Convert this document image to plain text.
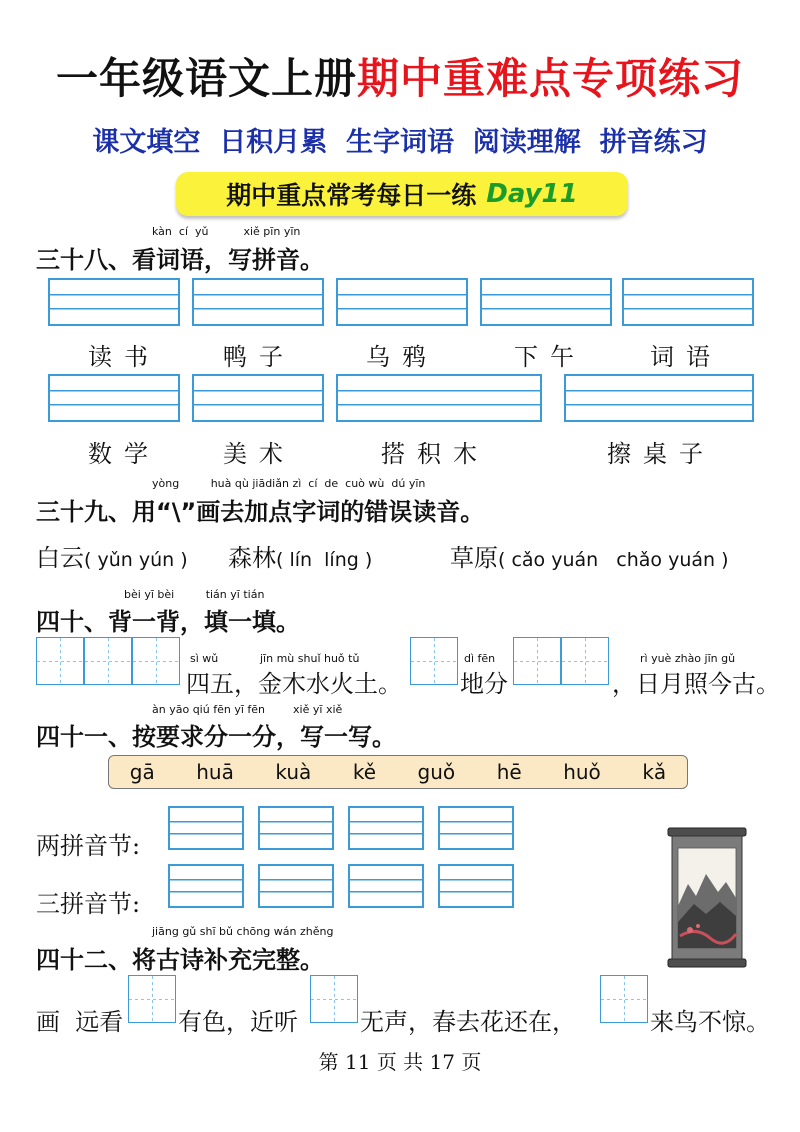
一年级语文上册期中重难点专项练习
课文填空  日积月累  生字词语  阅读理解  拼音练习
期中重点常考每日一练 Day11
kàn cí yǔ	xiě pīn yīn
三十八、看词语，写拼音。
读书	鸭子	乌鸦	下午	词语
数学	美术	搭积木	擦桌子
yòng	huà qù jiādiǎn zì cí de cuò wù dú yīn
三十九、用“\”画去加点字词的错误读音。
白云( yǔn yún ) 森林( lín  líng )	草原( cǎo yuán   chǎo yuán )
bèi yī bèi	tián yī tián
四十、背一背，填一填。
sì wǔ	jīn mù shuǐ huǒ tǔ
四五，金木水火土。
dì fēn
地分
rì yuè zhào jīn gǔ
，日月照今古。
àn yāo qiú fēn yī fēn	xiě yī xiě
四十一、按要求分一分，写一写。
gā huā kuà kě guǒ hē huǒ kǎ
两拼音节:
三拼音节:
jiāng gǔ shī bǔ chōng wán zhěng
四十二、将古诗补充完整。
画  远看 有色，近听	无声，春去花还在，	来鸟不惊。
第 11 页 共 17 页
